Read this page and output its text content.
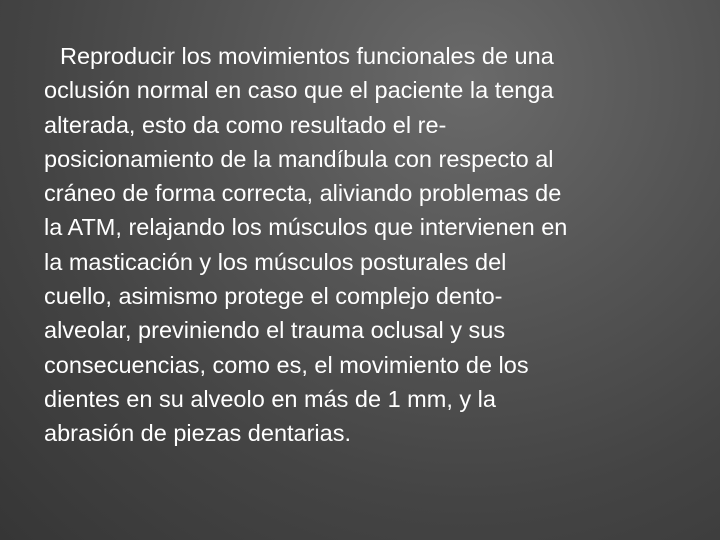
Reproducir los movimientos funcionales de una
oclusión normal en caso que el paciente la tenga
alterada, esto da como resultado el re-
posicionamiento de la mandíbula con respecto al
cráneo de forma correcta, aliviando problemas de
la ATM, relajando los músculos que intervienen en
la masticación y los músculos posturales del
cuello, asimismo protege el complejo dento-
alveolar, previniendo el trauma oclusal y sus
consecuencias, como es, el movimiento de los
dientes en su alveolo en más de 1 mm, y la
abrasión de piezas dentarias.
